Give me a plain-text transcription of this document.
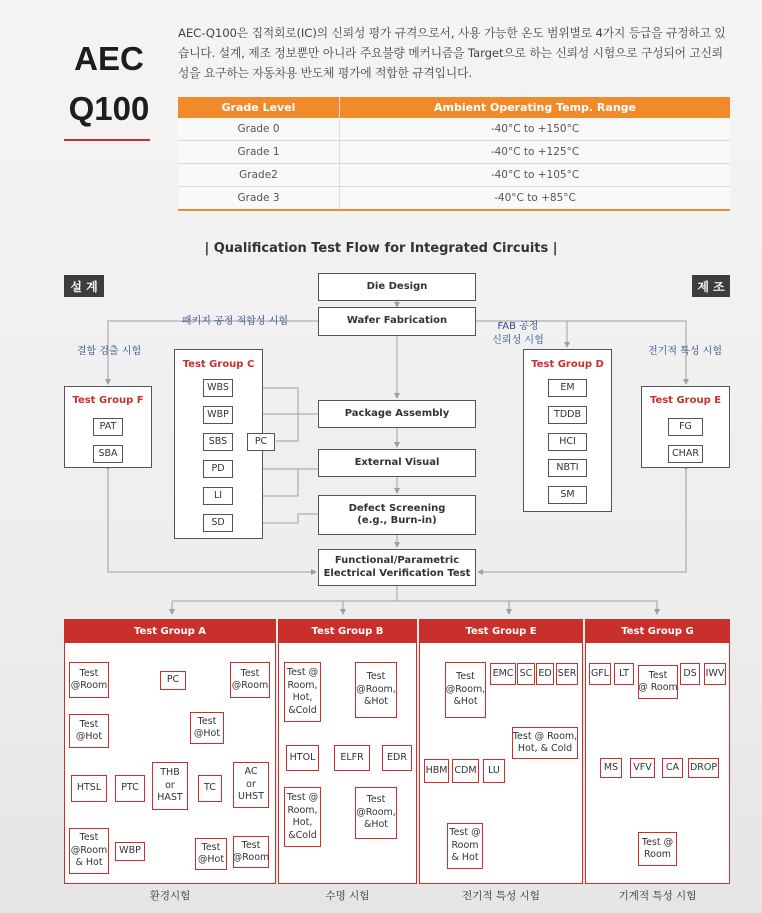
AEC
Q100
AEC-Q100은 집적회로(IC)의 신뢰성 평가 규격으로서, 사용 가능한 온도 범위별로 4가지 등급을 규정하고 있습니다. 설계, 제조 정보뿐만 아니라 주요불량 메커니즘을 Target으로 하는 신뢰성 시험으로 구성되어 고신뢰성을 요구하는 자동차용 반도체 평가에 적합한 규격입니다.
Grade Level	Ambient Operating Temp. Range
Grade 0	-40°C to +150°C
Grade 1	-40°C to +125°C
Grade2	-40°C to +105°C
Grade 3	-40°C to +85°C
| Qualification Test Flow for Integrated Circuits |
설 계	제 조
Die Design
Wafer Fabrication
Package Assembly
External Visual
Defect Screening
(e.g., Burn-in)
Functional/Parametric
Electrical Verification Test
패키지 공정 적합성 시험
결함 검출 시험
FAB 공정
신뢰성 시험
전기적 특성 시험
Test Group C
WBS
WBP
SBS
PD
LI
SD
PC
Test Group F
PAT
SBA
Test Group D
EM
TDDB
HCI
NBTI
SM
Test Group E
FG
CHAR
Test Group A	Test Group B	Test Group E	Test Group G
Test
@Room
PC
Test
@Room
Test
@Hot
Test
@Hot
HTSL	PTC
THB
or
HAST
TC
AC
or
UHST
Test
@Room
& Hot
WBP	Test
@Hot
Test
@Room
Test @
Room,
Hot,
&Cold
Test
@Room,
&Hot
HTOL	ELFR	EDR
Test @
Room,
Hot,
&Cold
Test
@Room,
&Hot
Test
@Room,
&Hot
EMC SC ED SER
Test @ Room,
Hot, & Cold
HBM CDM	LU
Test @
Room
& Hot
GFL	LT	Test
@ Room
DS IWV
MS	VFV	CA	DROP
Test @
Room
환경시험	수명 시험	전기적 특성 시험	기계적 특성 시험
